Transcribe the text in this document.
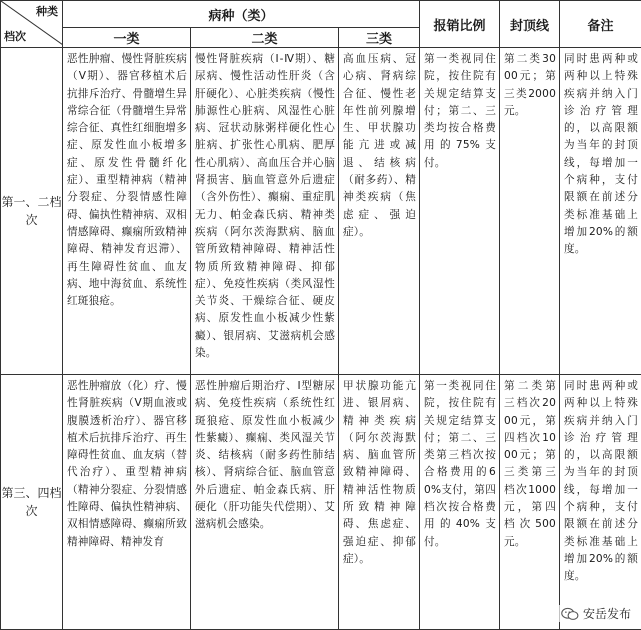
种类
档次	病种（类）			报销比例	封顶线	备注
	一类	二类	三类			
第一、二档　次	恶性肿瘤、慢性肾脏疾病（V期）、器官移植术后抗排斥治疗、骨髓增生异常综合征（骨髓增生异常综合征、真性红细胞增多症、原发性血小板增多症、原发性骨髓纤化症）、重型精神病（精神分裂症、分裂情感性障碍、偏执性精神病、双相情感障碍、癫痫所致精神障碍、精神发育迟滞）、再生障碍性贫血、血友病、地中海贫血、系统性红斑狼疮。	慢性肾脏疾病（Ⅰ-Ⅳ期）、糖尿病、慢性活动性肝炎（含肝硬化）、心脏类疾病（慢性肺源性心脏病、风湿性心脏病、冠状动脉粥样硬化性心脏病、扩张性心肌病、肥厚性心肌病）、高血压合并心脑肾损害、脑血管意外后遗症（含外伤性）、癫痫、重症肌无力、帕金森氏病、精神类疾病（阿尔茨海默病、脑血管所致精神障碍、精神活性物质所致精神障碍、抑郁症）、免疫性疾病（类风湿性关节炎、干燥综合征、硬皮病、原发性血小板减少性紫癜）、银屑病、艾滋病机会感染。	高血压病、冠心病、肾病综合征、慢性老年性前列腺增生、甲状腺功能亢进或减退、结核病（耐多药）、精神类疾病（焦虑症、强迫症）。	第一类视同住院，按住院有关规定结算支付；第二、三类均按合格费用的75%支付。	第二类3000元；第三类2000元。	同时患两种或两种以上特殊疾病并纳入门诊治疗管理的，以高限额为当年的封顶线，每增加一个病种，支付限额在前述分类标准基础上增加20%的额度。

第三、四档　次	恶性肿瘤放（化）疗、慢性肾脏疾病（V期血液或腹膜透析治疗）、器官移植术后抗排斥治疗、再生障碍性贫血、血友病（替代治疗）、重型精神病（精神分裂症、分裂情感性障碍、偏执性精神病、双相情感障碍、癫痫所致精神障碍、精神发育	恶性肿瘤后期治疗、Ⅰ型糖尿病、免疫性疾病（系统性红斑狼疮、原发性血小板减少性紫癜）、癫痫、类风湿关节炎、结核病（耐多药性肺结核）、肾病综合征、脑血管意外后遗症、帕金森氏病、肝硬化（肝功能失代偿期）、艾滋病机会感染。	甲状腺功能亢进、银屑病、精神类疾病（阿尔茨海默病、脑血管所致精神障碍、精神活性物质所致精神障碍、焦虑症、强迫症、抑郁症）。	第一类视同住院，按住院有关规定结算支付；第二、三类第三档次按合格费用的60%支付，第四档次按合格费用的40%支付。	第二类第三档次2000元，第四档次1000元；第三类第三档次1000元，第四档次500元。	同时患两种或两种以上特殊疾病并纳入门诊治疗管理的，以高限额为当年的封顶线，每增加一个病种，支付限额在前述分类标准基础上增加20%的额度。
安岳发布
